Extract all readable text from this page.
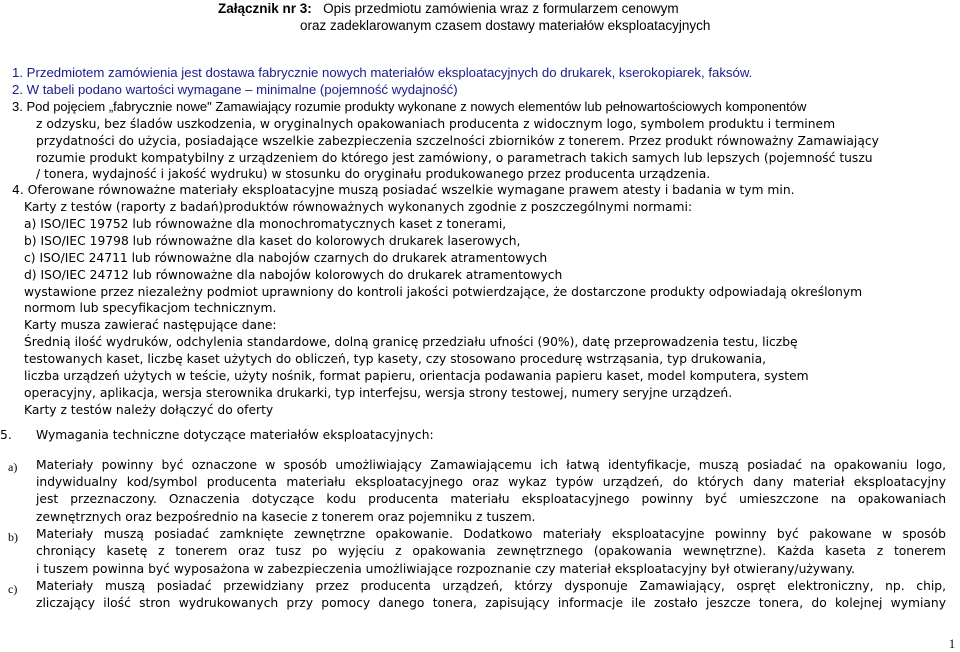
Załącznik nr 3: Opis przedmiotu zamówienia wraz z formularzem cenowym
oraz zadeklarowanym czasem dostawy materiałów eksploatacyjnych
1. Przedmiotem zamówienia jest dostawa fabrycznie nowych materiałów eksploatacyjnych do drukarek, kserokopiarek, faksów.
2. W tabeli podano wartości wymagane – minimalne (pojemność wydajność)
3. Pod pojęciem „fabrycznie nowe" Zamawiający rozumie produkty wykonane z nowych elementów lub pełnowartościowych komponentów
z odzysku, bez śladów uszkodzenia, w oryginalnych opakowaniach producenta z widocznym logo, symbolem produktu i terminem
przydatności do użycia, posiadające wszelkie zabezpieczenia szczelności zbiorników z tonerem. Przez produkt równoważny Zamawiający
rozumie produkt kompatybilny z urządzeniem do którego jest zamówiony, o parametrach takich samych lub lepszych (pojemność tuszu
/ tonera, wydajność i jakość wydruku) w stosunku do oryginału produkowanego przez producenta urządzenia.
4. Oferowane równoważne materiały eksploatacyjne muszą posiadać wszelkie wymagane prawem atesty i badania w tym min.
Karty z testów (raporty z badań)produktów równoważnych wykonanych zgodnie z poszczególnymi normami:
a) ISO/IEC 19752 lub równoważne dla monochromatycznych kaset z tonerami,
b) ISO/IEC 19798 lub równoważne dla kaset do kolorowych drukarek laserowych,
c) ISO/IEC 24711 lub równoważne dla nabojów czarnych do drukarek atramentowych
d) ISO/IEC 24712 lub równoważne dla nabojów kolorowych do drukarek atramentowych
wystawione przez niezależny podmiot uprawniony do kontroli jakości potwierdzające, że dostarczone produkty odpowiadają określonym
normom lub specyfikacjom technicznym.
Karty musza zawierać następujące dane:
Średnią ilość wydruków, odchylenia standardowe, dolną granicę przedziału ufności (90%), datę przeprowadzenia testu, liczbę
testowanych kaset, liczbę kaset użytych do obliczeń, typ kasety, czy stosowano procedurę wstrząsania, typ drukowania,
liczba urządzeń użytych w teście, użyty nośnik, format papieru, orientacja podawania papieru kaset, model komputera, system
operacyjny, aplikacja, wersja sterownika drukarki, typ interfejsu, wersja strony testowej, numery seryjne urządzeń.
Karty z testów należy dołączyć do oferty
5. Wymagania techniczne dotyczące materiałów eksploatacyjnych:
a) Materiały powinny być oznaczone w sposób umożliwiający Zamawiającemu ich łatwą identyfikacje, muszą posiadać na opakowaniu logo,
indywidualny kod/symbol producenta materiału eksploatacyjnego oraz wykaz typów urządzeń, do których dany materiał eksploatacyjny
jest przeznaczony. Oznaczenia dotyczące kodu producenta materiału eksploatacyjnego powinny być umieszczone na opakowaniach
zewnętrznych oraz bezpośrednio na kasecie z tonerem oraz pojemniku z tuszem.
b) Materiały muszą posiadać zamknięte zewnętrzne opakowanie. Dodatkowo materiały eksploatacyjne powinny być pakowane w sposób
chroniący kasetę z tonerem oraz tusz po wyjęciu z opakowania zewnętrznego (opakowania wewnętrzne). Każda kaseta z tonerem
i tuszem powinna być wyposażona w zabezpieczenia umożliwiające rozpoznanie czy materiał eksploatacyjny był otwierany/używany.
c) Materiały muszą posiadać przewidziany przez producenta urządzeń, którzy dysponuje Zamawiający, ospręt elektroniczny, np. chip,
zliczający ilość stron wydrukowanych przy pomocy danego tonera, zapisujący informacje ile zostało jeszcze tonera, do kolejnej wymiany
1
